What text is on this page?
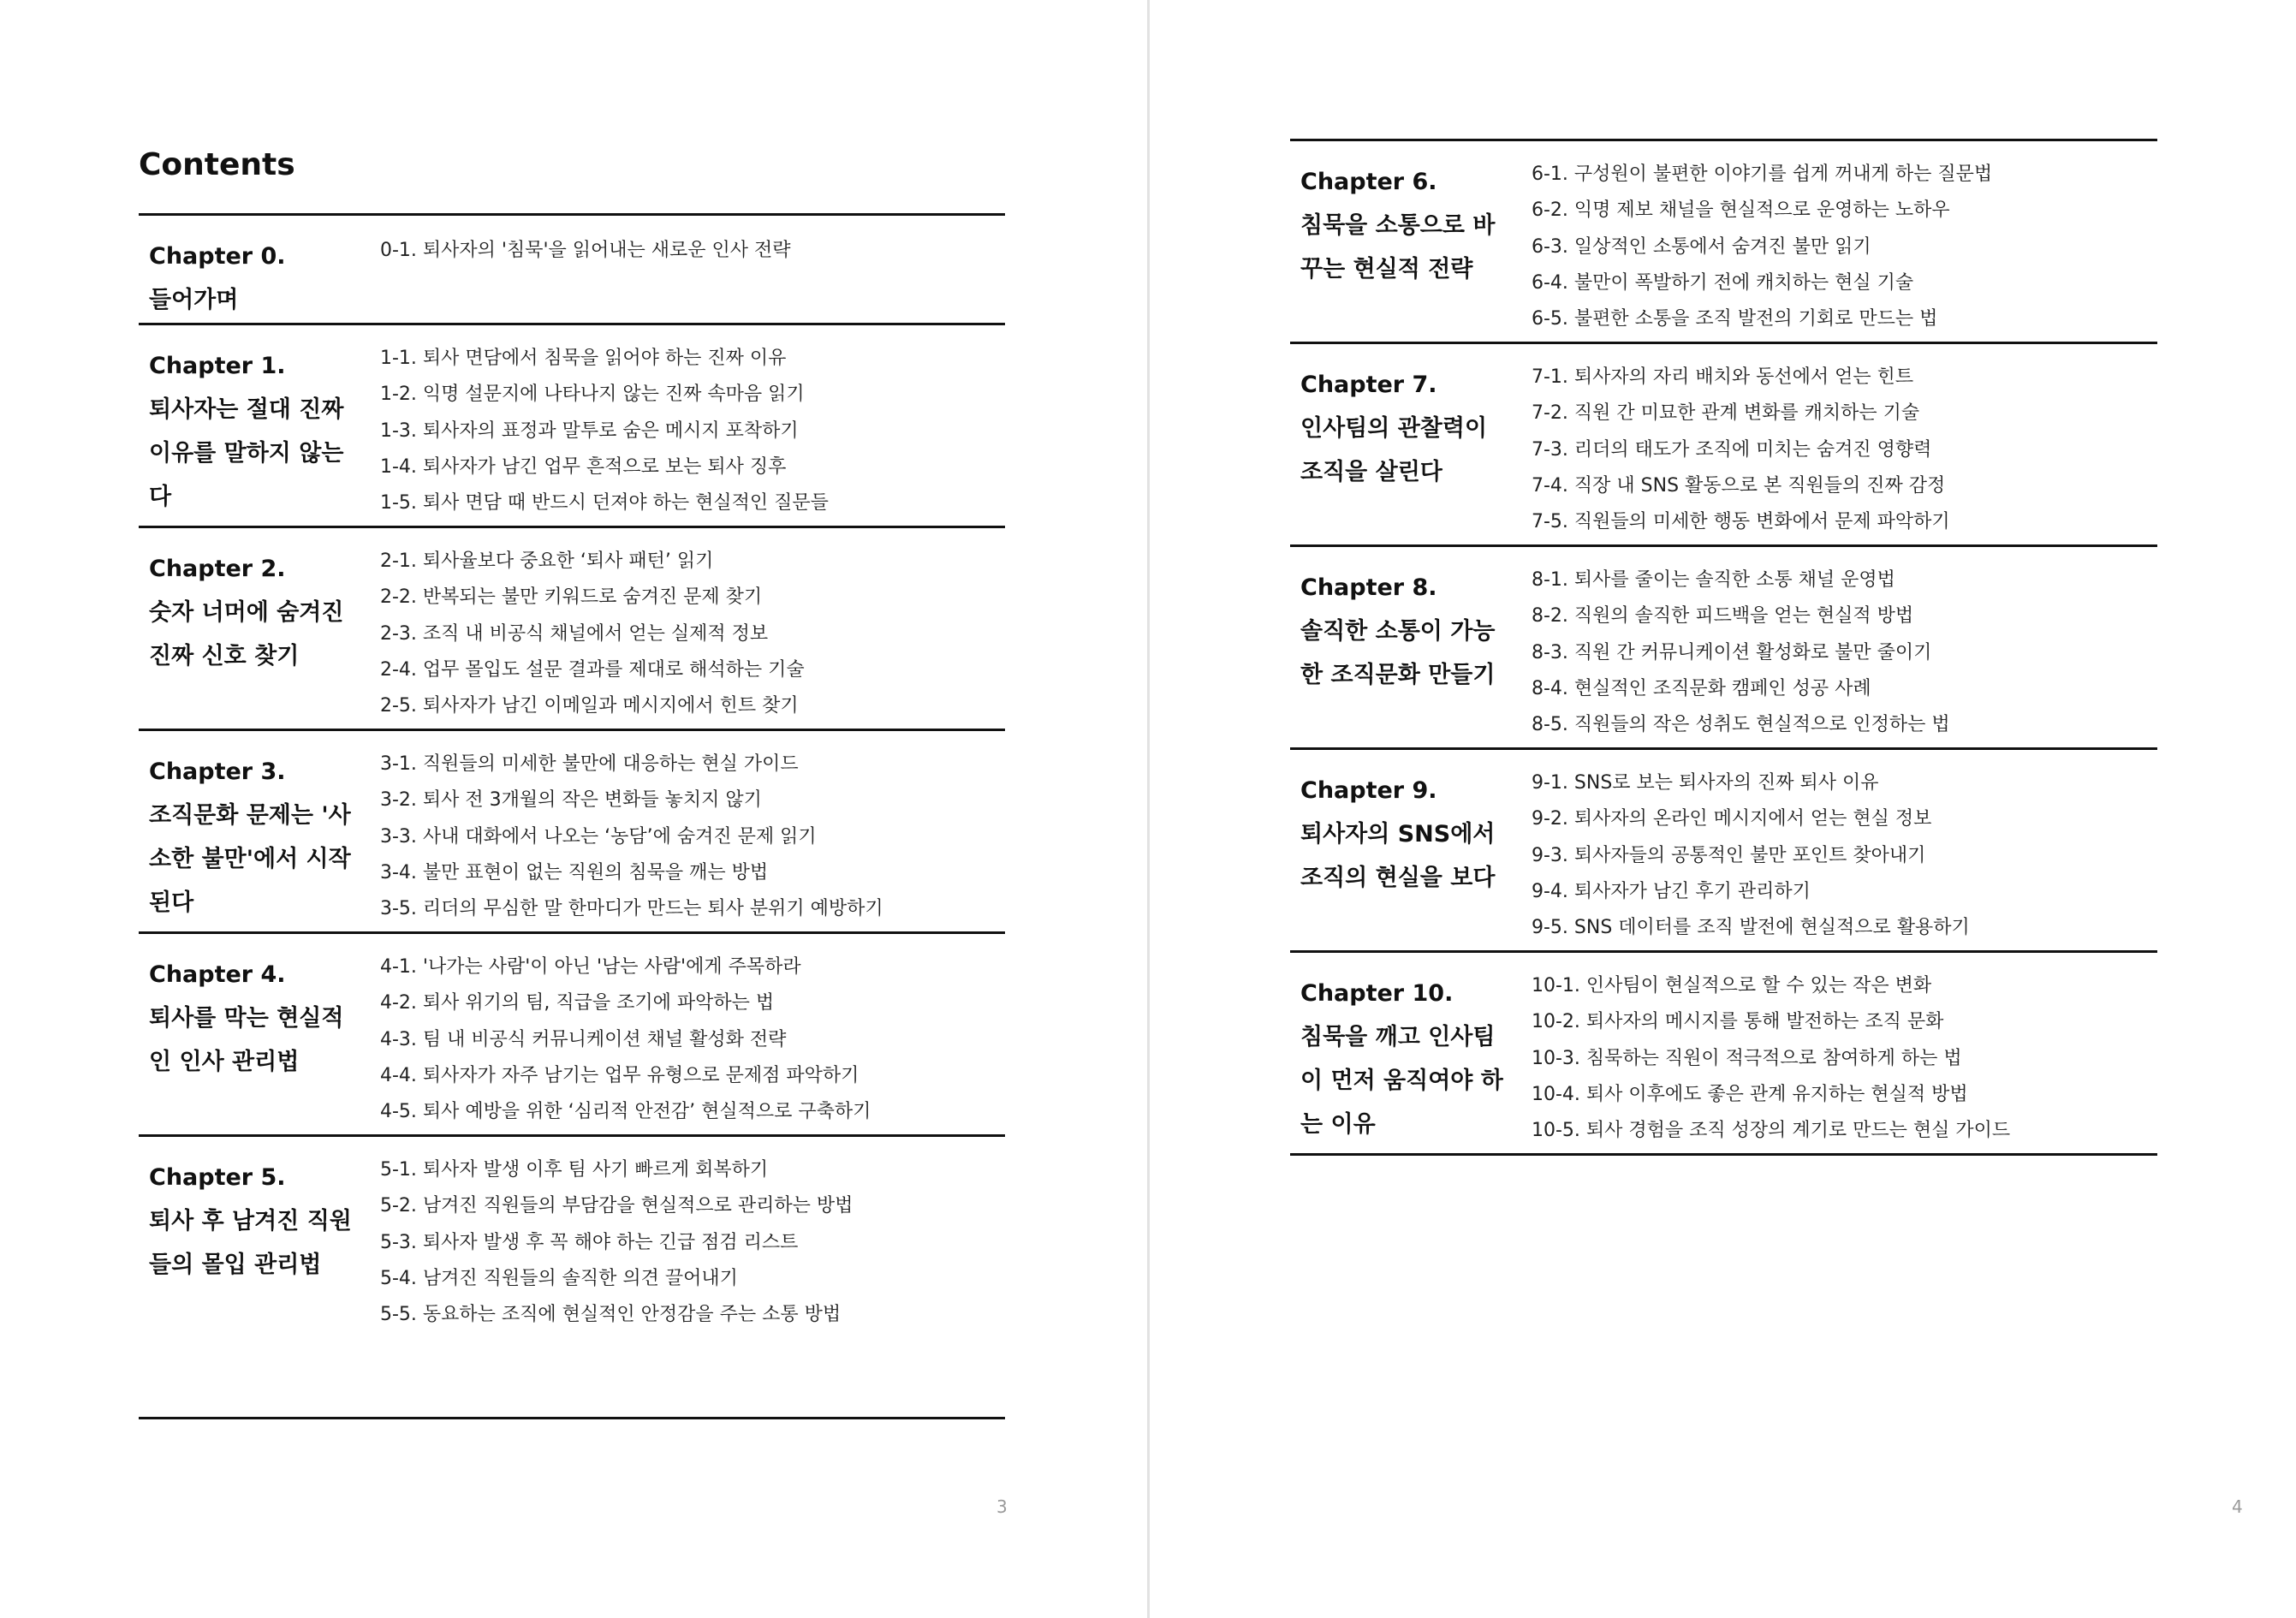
Contents
Chapter 0.
들어가며
0-1. 퇴사자의 '침묵'을 읽어내는 새로운 인사 전략
Chapter 1.
퇴사자는 절대 진짜 이유를 말하지 않는다
1-1. 퇴사 면담에서 침묵을 읽어야 하는 진짜 이유
1-2. 익명 설문지에 나타나지 않는 진짜 속마음 읽기
1-3. 퇴사자의 표정과 말투로 숨은 메시지 포착하기
1-4. 퇴사자가 남긴 업무 흔적으로 보는 퇴사 징후
1-5. 퇴사 면담 때 반드시 던져야 하는 현실적인 질문들
Chapter 2.
숫자 너머에 숨겨진 진짜 신호 찾기
2-1. 퇴사율보다 중요한 ‘퇴사 패턴’ 읽기
2-2. 반복되는 불만 키워드로 숨겨진 문제 찾기
2-3. 조직 내 비공식 채널에서 얻는 실제적 정보
2-4. 업무 몰입도 설문 결과를 제대로 해석하는 기술
2-5. 퇴사자가 남긴 이메일과 메시지에서 힌트 찾기
Chapter 3.
조직문화 문제는 '사소한 불만'에서 시작된다
3-1. 직원들의 미세한 불만에 대응하는 현실 가이드
3-2. 퇴사 전 3개월의 작은 변화들 놓치지 않기
3-3. 사내 대화에서 나오는 ‘농담’에 숨겨진 문제 읽기
3-4. 불만 표현이 없는 직원의 침묵을 깨는 방법
3-5. 리더의 무심한 말 한마디가 만드는 퇴사 분위기 예방하기
Chapter 4.
퇴사를 막는 현실적인 인사 관리법
4-1. '나가는 사람'이 아닌 '남는 사람'에게 주목하라
4-2. 퇴사 위기의 팀, 직급을 조기에 파악하는 법
4-3. 팀 내 비공식 커뮤니케이션 채널 활성화 전략
4-4. 퇴사자가 자주 남기는 업무 유형으로 문제점 파악하기
4-5. 퇴사 예방을 위한 ‘심리적 안전감’ 현실적으로 구축하기
Chapter 5.
퇴사 후 남겨진 직원들의 몰입 관리법
5-1. 퇴사자 발생 이후 팀 사기 빠르게 회복하기
5-2. 남겨진 직원들의 부담감을 현실적으로 관리하는 방법
5-3. 퇴사자 발생 후 꼭 해야 하는 긴급 점검 리스트
5-4. 남겨진 직원들의 솔직한 의견 끌어내기
5-5. 동요하는 조직에 현실적인 안정감을 주는 소통 방법
3
Chapter 6.
침묵을 소통으로 바꾸는 현실적 전략
6-1. 구성원이 불편한 이야기를 쉽게 꺼내게 하는 질문법
6-2. 익명 제보 채널을 현실적으로 운영하는 노하우
6-3. 일상적인 소통에서 숨겨진 불만 읽기
6-4. 불만이 폭발하기 전에 캐치하는 현실 기술
6-5. 불편한 소통을 조직 발전의 기회로 만드는 법
Chapter 7.
인사팀의 관찰력이 조직을 살린다
7-1. 퇴사자의 자리 배치와 동선에서 얻는 힌트
7-2. 직원 간 미묘한 관계 변화를 캐치하는 기술
7-3. 리더의 태도가 조직에 미치는 숨겨진 영향력
7-4. 직장 내 SNS 활동으로 본 직원들의 진짜 감정
7-5. 직원들의 미세한 행동 변화에서 문제 파악하기
Chapter 8.
솔직한 소통이 가능한 조직문화 만들기
8-1. 퇴사를 줄이는 솔직한 소통 채널 운영법
8-2. 직원의 솔직한 피드백을 얻는 현실적 방법
8-3. 직원 간 커뮤니케이션 활성화로 불만 줄이기
8-4. 현실적인 조직문화 캠페인 성공 사례
8-5. 직원들의 작은 성취도 현실적으로 인정하는 법
Chapter 9.
퇴사자의 SNS에서 조직의 현실을 보다
9-1. SNS로 보는 퇴사자의 진짜 퇴사 이유
9-2. 퇴사자의 온라인 메시지에서 얻는 현실 정보
9-3. 퇴사자들의 공통적인 불만 포인트 찾아내기
9-4. 퇴사자가 남긴 후기 관리하기
9-5. SNS 데이터를 조직 발전에 현실적으로 활용하기
Chapter 10.
침묵을 깨고 인사팀이 먼저 움직여야 하는 이유
10-1. 인사팀이 현실적으로 할 수 있는 작은 변화
10-2. 퇴사자의 메시지를 통해 발전하는 조직 문화
10-3. 침묵하는 직원이 적극적으로 참여하게 하는 법
10-4. 퇴사 이후에도 좋은 관계 유지하는 현실적 방법
10-5. 퇴사 경험을 조직 성장의 계기로 만드는 현실 가이드
4
